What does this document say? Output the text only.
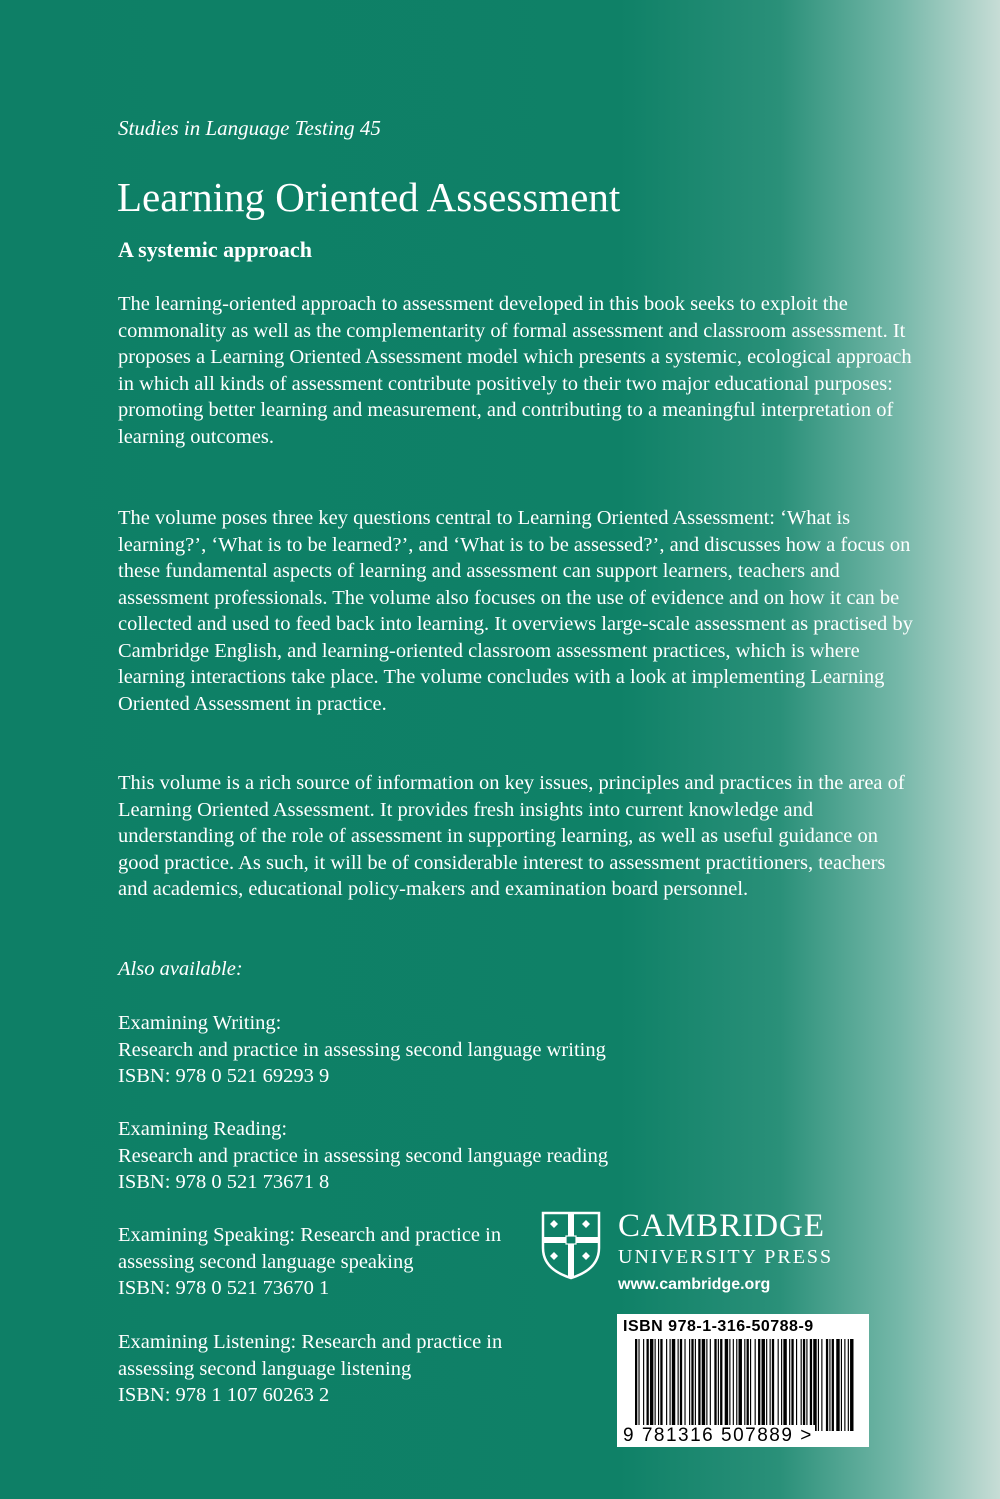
Studies in Language Testing 45

Learning Oriented Assessment
A systemic approach

The learning-oriented approach to assessment developed in this book seeks to exploit the commonality as well as the complementarity of formal assessment and classroom assessment. It proposes a Learning Oriented Assessment model which presents a systemic, ecological approach in which all kinds of assessment contribute positively to their two major educational purposes: promoting better learning and measurement, and contributing to a meaningful interpretation of learning outcomes.

The volume poses three key questions central to Learning Oriented Assessment: ‘What is learning?’, ‘What is to be learned?’, and ‘What is to be assessed?’, and discusses how a focus on these fundamental aspects of learning and assessment can support learners, teachers and assessment professionals. The volume also focuses on the use of evidence and on how it can be collected and used to feed back into learning. It overviews large-scale assessment as practised by Cambridge English, and learning-oriented classroom assessment practices, which is where learning interactions take place. The volume concludes with a look at implementing Learning Oriented Assessment in practice.

This volume is a rich source of information on key issues, principles and practices in the area of Learning Oriented Assessment. It provides fresh insights into current knowledge and understanding of the role of assessment in supporting learning, as well as useful guidance on good practice. As such, it will be of considerable interest to assessment practitioners, teachers and academics, educational policy-makers and examination board personnel.

Also available:

Examining Writing:
Research and practice in assessing second language writing
ISBN: 978 0 521 69293 9
Examining Reading:
Research and practice in assessing second language reading
ISBN: 978 0 521 73671 8
Examining Speaking: Research and practice in assessing second language speaking
ISBN: 978 0 521 73670 1
Examining Listening: Research and practice in assessing second language listening
ISBN: 978 1 107 60263 2

CAMBRIDGE

UNIVERSITY PRESS

www.cambridge.org

ISBN 978-1-316-50788-9

9 781316 507889 >
